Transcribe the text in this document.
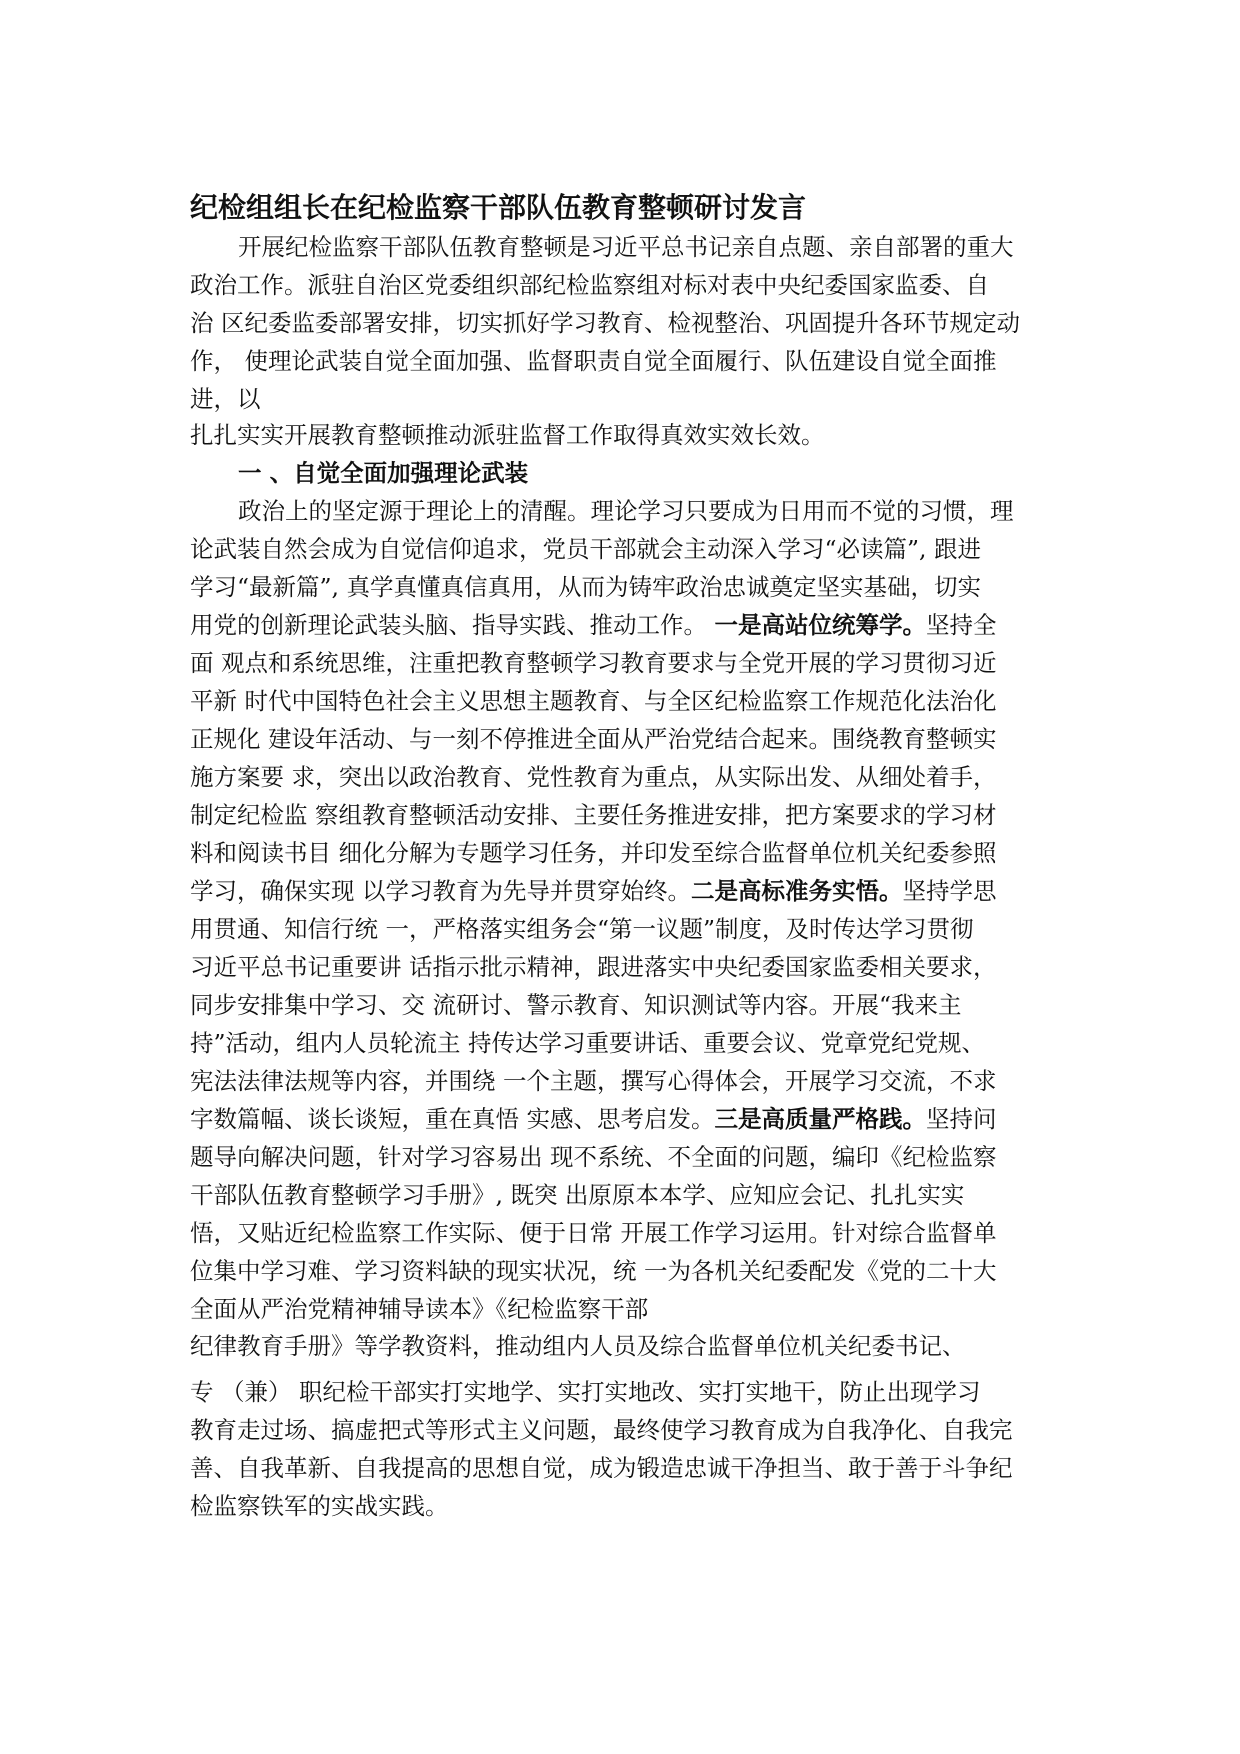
纪检组组长在纪检监察干部队伍教育整顿研讨发言
开展纪检监察干部队伍教育整顿是习近平总书记亲自点题、亲自部署的重大
政治工作。派驻自治区党委组织部纪检监察组对标对表中央纪委国家监委、自
治 区纪委监委部署安排，切实抓好学习教育、检视整治、巩固提升各环节规定动
作， 使理论武装自觉全面加强、监督职责自觉全面履行、队伍建设自觉全面推
进，以
扎扎实实开展教育整顿推动派驻监督工作取得真效实效长效。
一 、自觉全面加强理论武装
政治上的坚定源于理论上的清醒。理论学习只要成为日用而不觉的习惯，理
论武装自然会成为自觉信仰追求，党员干部就会主动深入学习“必读篇”, 跟进
学习“最新篇”, 真学真懂真信真用，从而为铸牢政治忠诚奠定坚实基础，切实
用党的创新理论武装头脑、指导实践、推动工作。 一是高站位统筹学。坚持全
面 观点和系统思维，注重把教育整顿学习教育要求与全党开展的学习贯彻习近
平新 时代中国特色社会主义思想主题教育、与全区纪检监察工作规范化法治化
正规化 建设年活动、与一刻不停推进全面从严治党结合起来。围绕教育整顿实
施方案要 求，突出以政治教育、党性教育为重点，从实际出发、从细处着手，
制定纪检监 察组教育整顿活动安排、主要任务推进安排，把方案要求的学习材
料和阅读书目 细化分解为专题学习任务，并印发至综合监督单位机关纪委参照
学习，确保实现 以学习教育为先导并贯穿始终。二是高标准务实悟。坚持学思
用贯通、知信行统 一，严格落实组务会“第一议题”制度，及时传达学习贯彻
习近平总书记重要讲 话指示批示精神，跟进落实中央纪委国家监委相关要求，
同步安排集中学习、交 流研讨、警示教育、知识测试等内容。开展“我来主
持”活动，组内人员轮流主 持传达学习重要讲话、重要会议、党章党纪党规、
宪法法律法规等内容，并围绕 一个主题，撰写心得体会，开展学习交流，不求
字数篇幅、谈长谈短，重在真悟 实感、思考启发。三是高质量严格践。坚持问
题导向解决问题，针对学习容易出 现不系统、不全面的问题，编印《纪检监察
干部队伍教育整顿学习手册》, 既突 出原原本本学、应知应会记、扎扎实实
悟，又贴近纪检监察工作实际、便于日常 开展工作学习运用。针对综合监督单
位集中学习难、学习资料缺的现实状况，统 一为各机关纪委配发《党的二十大
全面从严治党精神辅导读本》《纪检监察干部
纪律教育手册》等学教资料，推动组内人员及综合监督单位机关纪委书记、
专 （兼） 职纪检干部实打实地学、实打实地改、实打实地干，防止出现学习
教育走过场、搞虚把式等形式主义问题，最终使学习教育成为自我净化、自我完
善、自我革新、自我提高的思想自觉，成为锻造忠诚干净担当、敢于善于斗争纪
检监察铁军的实战实践。
